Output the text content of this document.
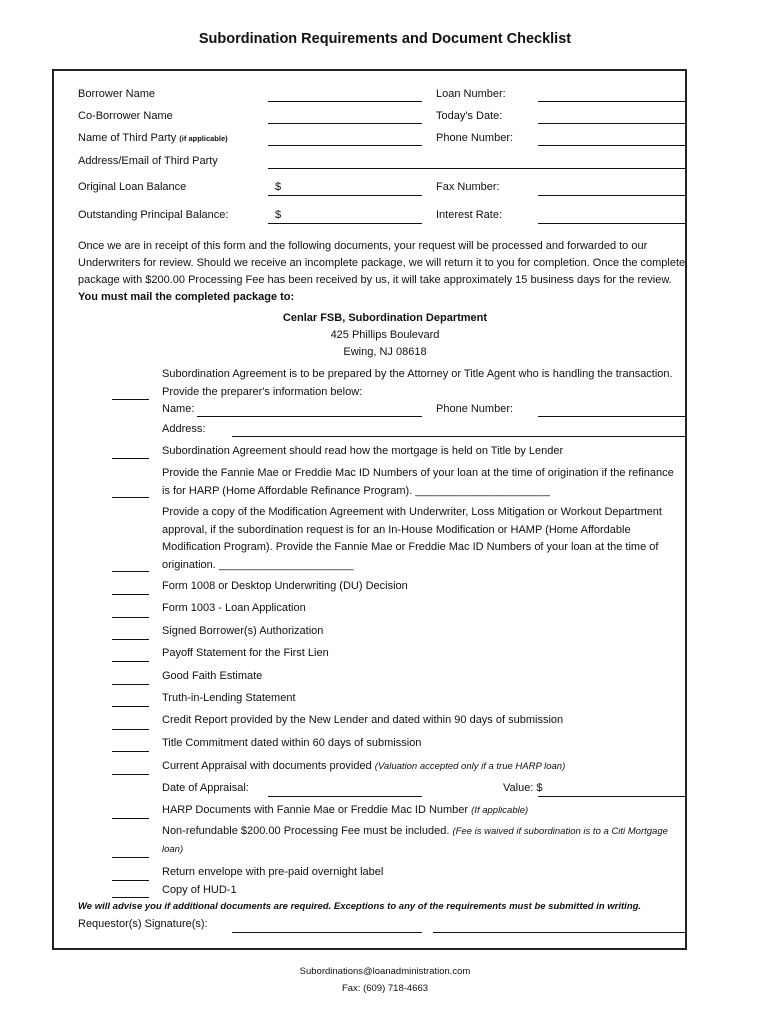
Subordination Requirements and Document Checklist
Borrower Name	Loan Number:
Co-Borrower Name	Today's Date:
Name of Third Party (if applicable)	Phone Number:
Address/Email of Third Party
Original Loan Balance	$	Fax Number:
Outstanding Principal Balance:	$	Interest Rate:
Once we are in receipt of this form and the following documents, your request will be processed and forwarded to our Underwriters for review. Should we receive an incomplete package, we will return it to you for completion. Once the complete package with $200.00 Processing Fee has been received by us, it will take approximately 15 business days for the review. You must mail the completed package to:
Cenlar FSB, Subordination Department
425 Phillips Boulevard
Ewing, NJ 08618
Subordination Agreement is to be prepared by the Attorney or Title Agent who is handling the transaction. Provide the preparer's information below:
Name:	Phone Number:
Address:
Subordination Agreement should read how the mortgage is held on Title by Lender
Provide the Fannie Mae or Freddie Mac ID Numbers of your loan at the time of origination if the refinance is for HARP (Home Affordable Refinance Program). ______________________
Provide a copy of the Modification Agreement with Underwriter, Loss Mitigation or Workout Department approval, if the subordination request is for an In-House Modification or HAMP (Home Affordable Modification Program). Provide the Fannie Mae or Freddie Mac ID Numbers of your loan at the time of origination. ______________________
Form 1008 or Desktop Underwriting (DU) Decision
Form 1003 - Loan Application
Signed Borrower(s) Authorization
Payoff Statement for the First Lien
Good Faith Estimate
Truth-in-Lending Statement
Credit Report provided by the New Lender and dated within 90 days of submission
Title Commitment dated within 60 days of submission
Current Appraisal with documents provided (Valuation accepted only if a true HARP loan)
Date of Appraisal:	Value: $
HARP Documents with Fannie Mae or Freddie Mac ID Number (If applicable)
Non-refundable $200.00 Processing Fee must be included. (Fee is waived if subordination is to a Citi Mortgage loan)
Return envelope with pre-paid overnight label
Copy of HUD-1
We will advise you if additional documents are required. Exceptions to any of the requirements must be submitted in writing.
Requestor(s) Signature(s):
Subordinations@loanadministration.com
Fax: (609) 718-4663
